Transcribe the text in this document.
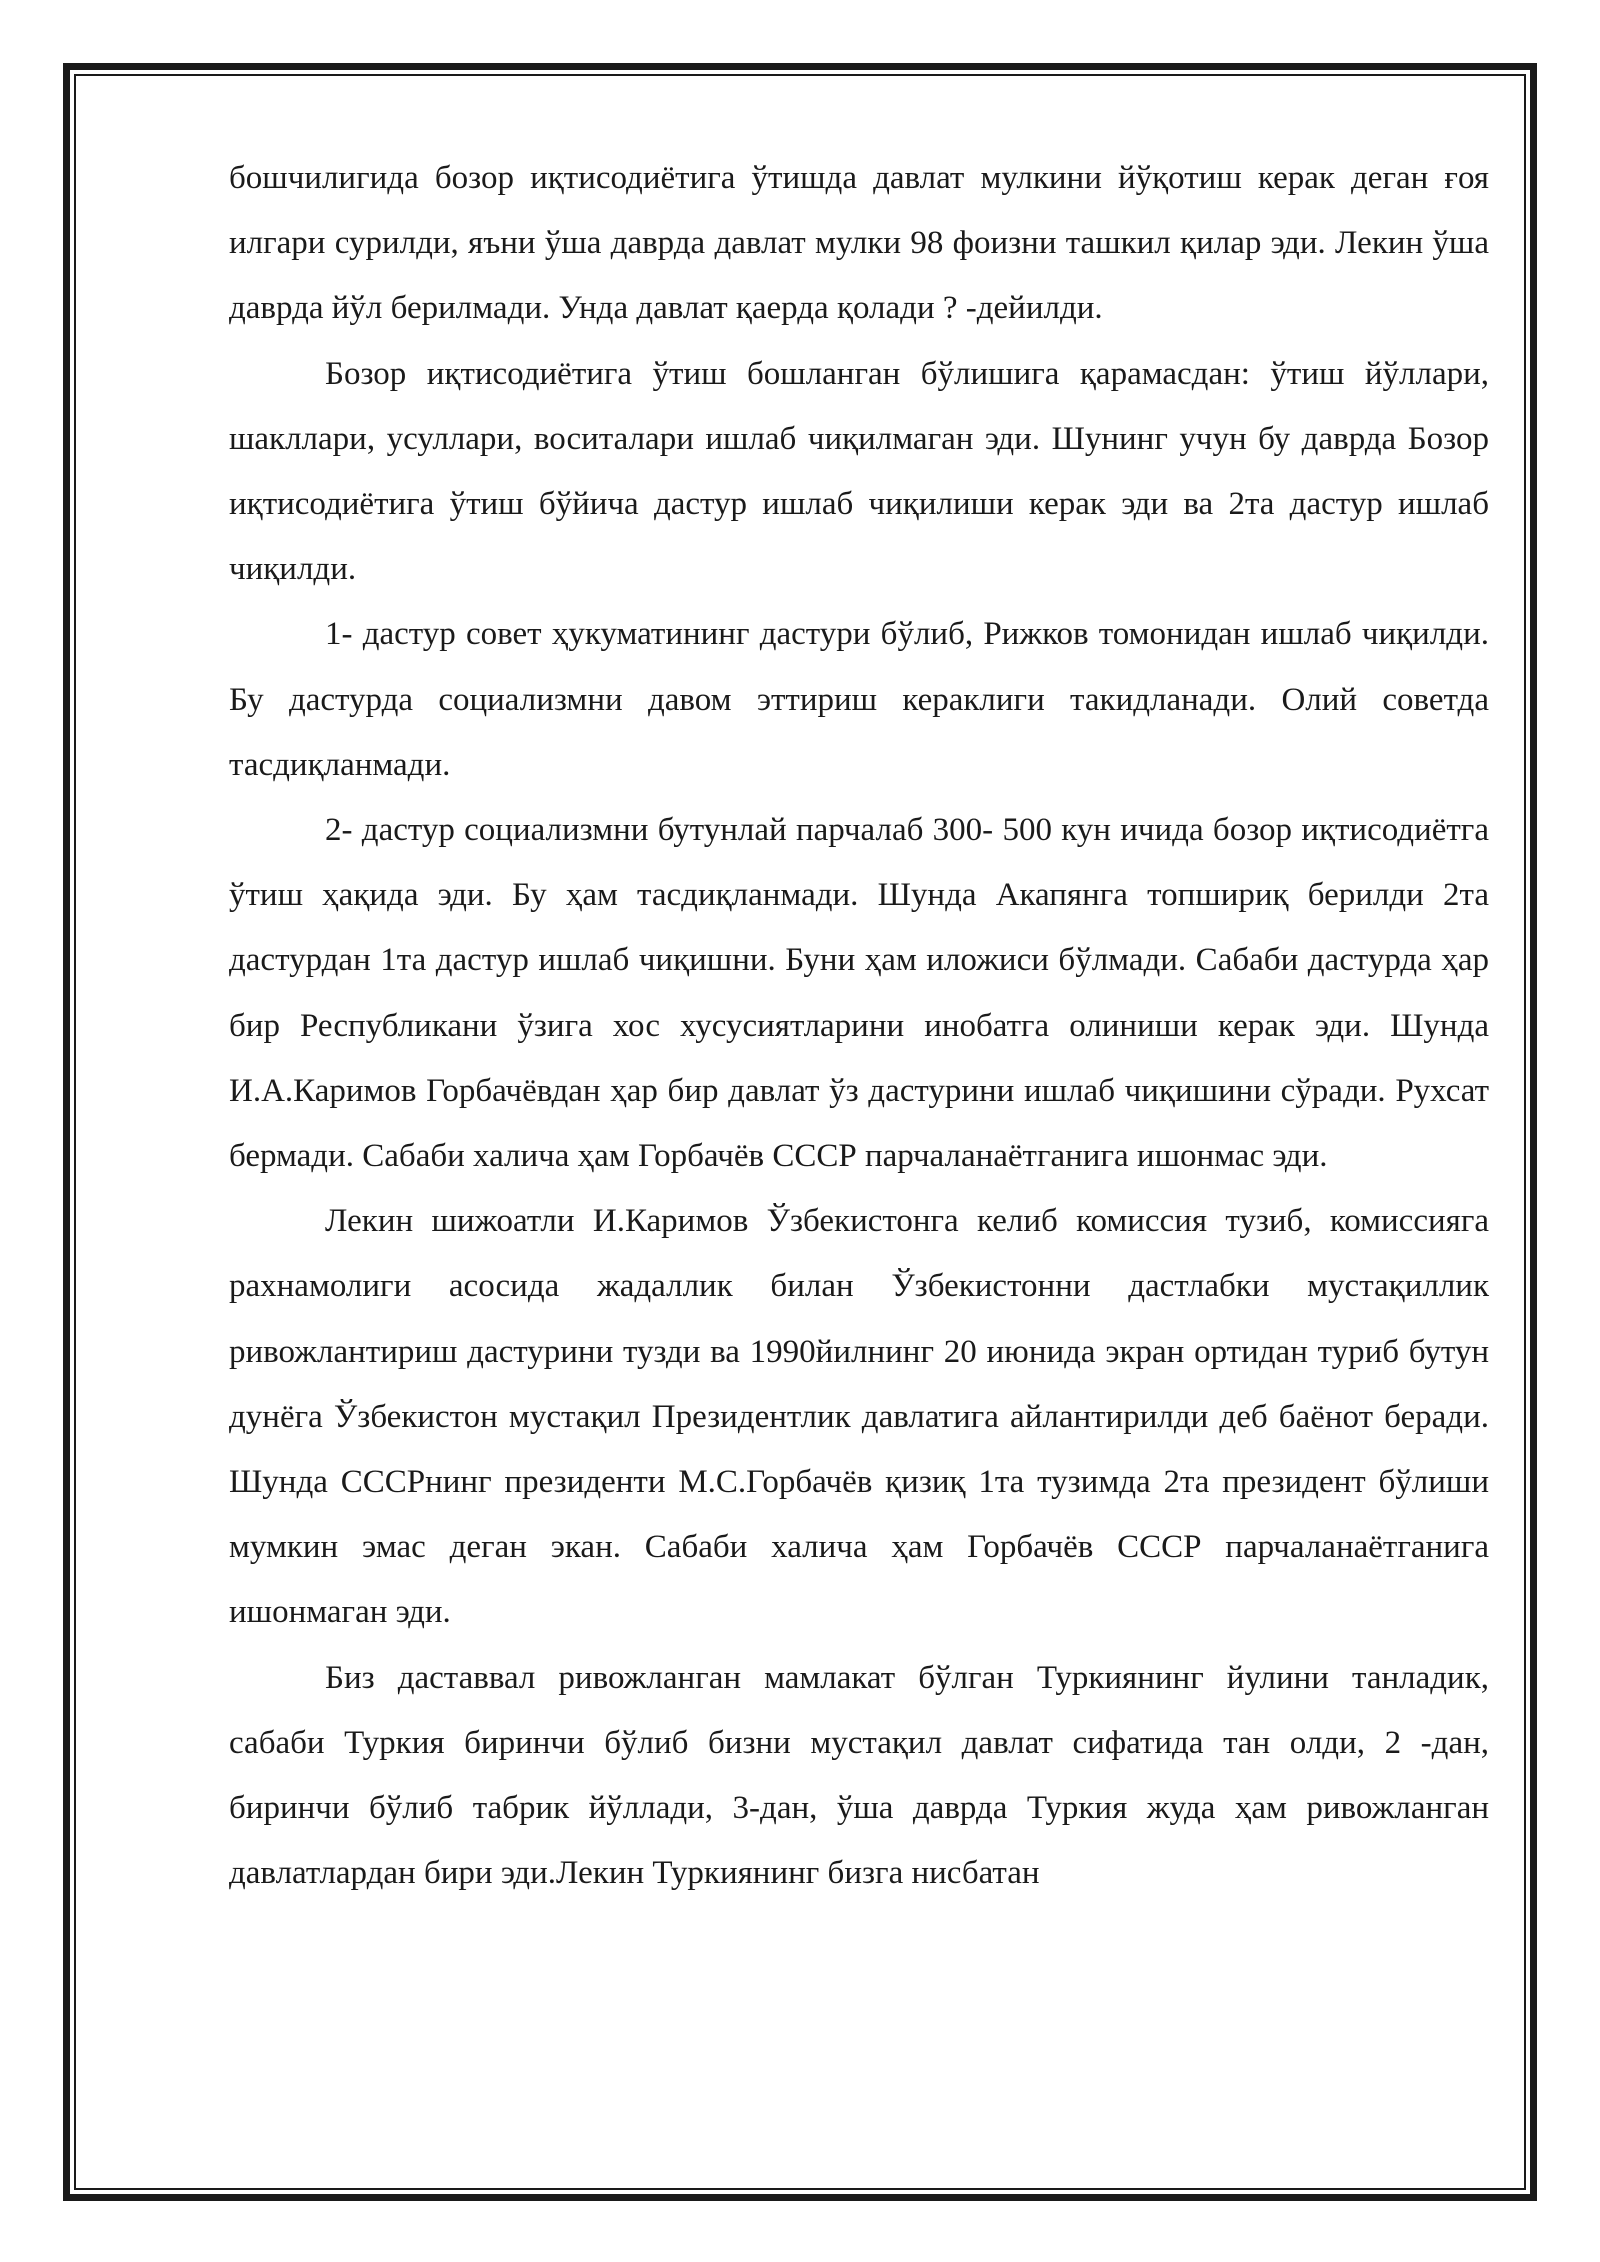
бошчилигида бозор иқтисодиётига ўтишда давлат мулкини йўқотиш керак деган ғоя илгари сурилди, яъни ўша даврда давлат мулки 98 фоизни ташкил қилар эди. Лекин ўша даврда йўл берилмади. Унда давлат қаерда қолади ? -дейилди.

Бозор иқтисодиётига ўтиш бошланган бўлишига қарамасдан: ўтиш йўллари, шакллари, усуллари, воситалари ишлаб чиқилмаган эди. Шунинг учун бу даврда Бозор иқтисодиётига ўтиш бўйича дастур ишлаб чиқилиши керак эди ва 2та дастур ишлаб чиқилди.

1- дастур совет ҳукуматининг дастури бўлиб, Рижков томонидан ишлаб чиқилди. Бу дастурда социализмни давом эттириш кераклиги такидланади. Олий советда тасдиқланмади.

2- дастур социализмни бутунлай парчалаб 300- 500 кун ичида бозор иқтисодиётга ўтиш ҳақида эди. Бу ҳам тасдиқланмади. Шунда Акапянга топшириқ берилди 2та дастурдан 1та дастур ишлаб чиқишни. Буни ҳам иложиси бўлмади. Сабаби дастурда ҳар бир Республикани ўзига хос хусусиятларини инобатга олиниши керак эди. Шунда И.А.Каримов Горбачёвдан ҳар бир давлат ўз дастурини ишлаб чиқишини сўради. Рухсат бермади. Сабаби халича ҳам Горбачёв СССР парчаланаётганига ишонмас эди.

Лекин шижоатли И.Каримов Ўзбекистонга келиб комиссия тузиб, комиссияга рахнамолиги асосида жадаллик билан Ўзбекистонни дастлабки мустақиллик ривожлантириш дастурини тузди ва 1990йилнинг 20 июнида экран ортидан туриб бутун дунёга Ўзбекистон мустақил Президентлик давлатига айлантирилди деб баёнот беради. Шунда СССРнинг президенти М.С.Горбачёв қизиқ 1та тузимда 2та президент бўлиши мумкин эмас деган экан. Сабаби халича ҳам Горбачёв СССР парчаланаётганига ишонмаган эди.

Биз даставвал ривожланган мамлакат бўлган Туркиянинг йулини танладик, сабаби Туркия биринчи бўлиб бизни мустақил давлат сифатида тан олди, 2 -дан, биринчи бўлиб табрик йўллади, 3-дан, ўша даврда Туркия жуда ҳам ривожланган давлатлардан бири эди.Лекин Туркиянинг бизга нисбатан
